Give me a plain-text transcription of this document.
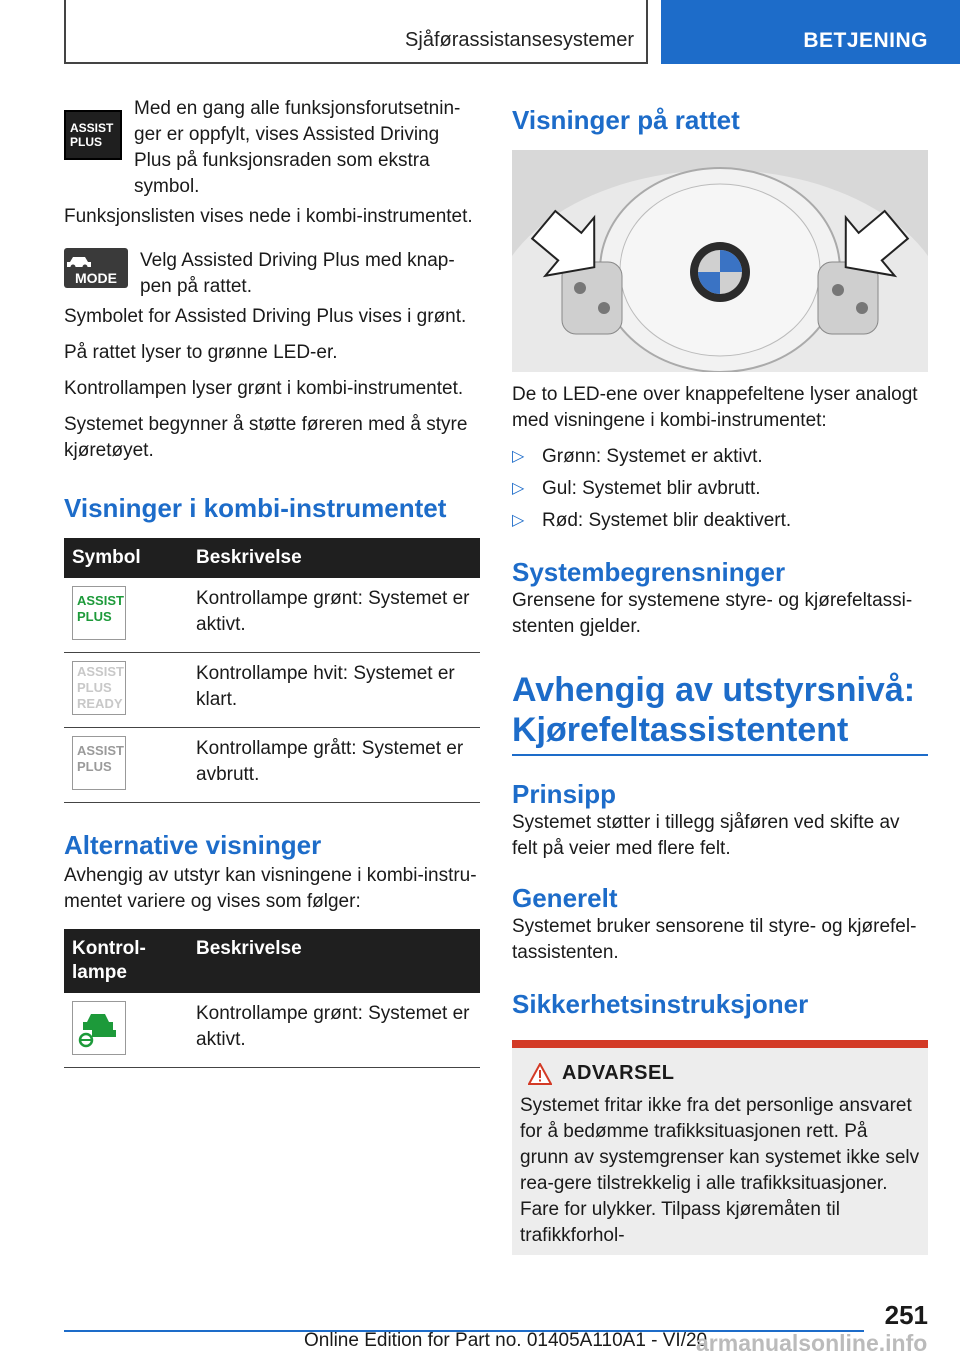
Sjåførassistansesystemer	BETJENING
ASSIST
PLUS

Med en gang alle funksjonsforutsetnin-ger er oppfylt, vises Assisted Driving Plus på funksjonsraden som ekstra symbol.

Funksjonslisten vises nede i kombi-instrumentet.

MODE

Velg Assisted Driving Plus med knap-pen på rattet.

Symbolet for Assisted Driving Plus vises i grønt.

På rattet lyser to grønne LED-er.

Kontrollampen lyser grønt i kombi-instrumentet.

Systemet begynner å støtte føreren med å styre kjøretøyet.

Visninger i kombi-instrumentet
Symbol	Beskrivelse

ASSIST
PLUS	Kontrollampe grønt: Systemet er aktivt.

ASSIST
PLUS
READY	Kontrollampe hvit: Systemet er klart.

ASSIST
PLUS	Kontrollampe grått: Systemet er avbrutt.
Alternative visninger

Avhengig av utstyr kan visningene i kombi-instru-mentet variere og vises som følger:

Kontrol-lampe	Beskrivelse

	Kontrollampe grønt: Systemet er aktivt.
Visninger på rattet

De to LED-ene over knappefeltene lyser analogt med visningene i kombi-instrumentet:

▷ Grønn: Systemet er aktivt.
▷ Gul: Systemet blir avbrutt.
▷ Rød: Systemet blir deaktivert.
Systembegrensninger

Grensene for systemene styre- og kjørefeltassi-stenten gjelder.

Avhengig av utstyrsnivå: Kjørefeltassistentent
Prinsipp

Systemet støtter i tillegg sjåføren ved skifte av felt på veier med flere felt.

Generelt

Systemet bruker sensorene til styre- og kjørefel-tassistenten.

Sikkerhetsinstruksjoner
ADVARSEL

Systemet fritar ikke fra det personlige ansvaret for å bedømme trafikksituasjonen rett. På grunn av systemgrenser kan systemet ikke selv rea-gere tilstrekkelig i alle trafikksituasjoner. Fare for ulykker. Tilpass kjøremåten til trafikkforhol-

251
Online Edition for Part no. 01405A110A1 - VI/20
armanualsonline.info
